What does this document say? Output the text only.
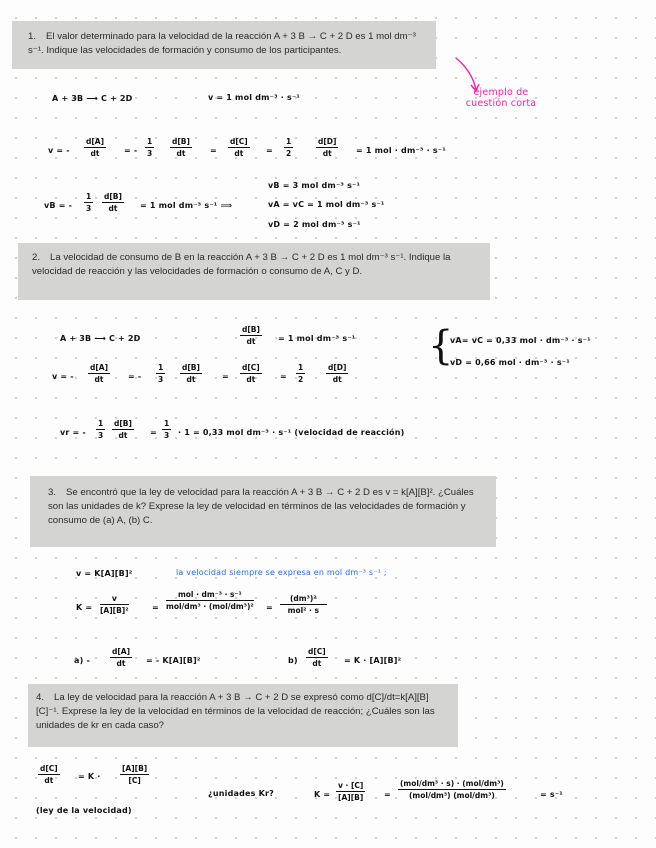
1. El valor determinado para la velocidad de la reacción A + 3 B → C + 2 D es 1 mol dm⁻³ s⁻¹. Indique las velocidades de formación y consumo de los participantes.
2. La velocidad de consumo de B en la reacción A + 3 B → C + 2 D es 1 mol dm⁻³ s⁻¹. Indique la velocidad de reacción y las velocidades de formación o consumo de A, C y D.
3. Se encontró que la ley de velocidad para la reacción A + 3 B → C + 2 D es v = k[A][B]². ¿Cuáles son las unidades de k? Exprese la ley de velocidad en términos de las velocidades de formación y consumo de (a) A, (b) C.
4. La ley de velocidad para la reacción A + 3 B → C + 2 D se expresó como d[C]/dt=k[A][B][C]⁻¹. Exprese la ley de la velocidad en términos de la velocidad de reacción; ¿Cuáles son las unidades de kr en cada caso?
ejemplo de cuestión corta
A + 3B ⟶ C + 2D	v = 1 mol dm⁻³ · s⁻¹
v = - $\frac{d[A]}{dt}$ = - $\frac{1}{3} \frac{d[B]}{dt} = \frac{d[C]}{dt} = \frac{1}{2}$	$\frac{d[D]}{dt} = 1$ mol · dm⁻³ · s⁻¹
vB = - $\frac{1}{3} \frac{d[B]}{dt} = 1$ mol dm⁻³ s⁻¹ ⟹
vB = 3 mol dm⁻³ s⁻¹
vA = vC = 1 mol dm⁻³ s⁻¹
vD = 2 mol dm⁻³ s⁻¹
A + 3B ⟶ C + 2D	$\frac{d[B]}{dt} = 1$ mol dm⁻³ s⁻¹ {
vA= vC = 0,33 mol · dm⁻³ · s⁻¹
vD = 0,66 mol · dm⁻³ · s⁻¹
v = - $\frac{d[A]}{dt}$ = - $\frac{1}{3} \frac{d[B]}{dt}$	= $\frac{d[C]}{dt} = \frac{1}{2}$	$\frac{d[D]}{dt}$
vr = - $\frac{1}{3} \frac{d[B]}{dt} = \frac{1}{3} \cdot 1 = 0,33$ mol dm⁻³ · s⁻¹ (velocidad de reacción)
v = K[A][B]²	la velocidad siempre se expresa en mol dm⁻³ s⁻¹ ;
$K = \frac{v}{\text{[A][B]²}}$	=
mol · dm⁻³ · s⁻¹
mol/dm³ · (mol/dm³)² =
(dm³)²
mol² · s
a) -	$\frac{d[A]}{dt}$ = - K[A][B]²	$b) \frac{d[C]}{dt} = K \cdot [A][B]^2$
$\frac{d[C]}{dt} = K$ ·	$\frac{[A][B]}{[C]}$
(ley de la velocidad)
¿unidades Kr?	$K = \frac{v \cdot [C]}{[A][B]}$ =
(mol/dm³ · s) · (mol/dm³)
(mol/dm³) (mol/dm³)	= s⁻¹
